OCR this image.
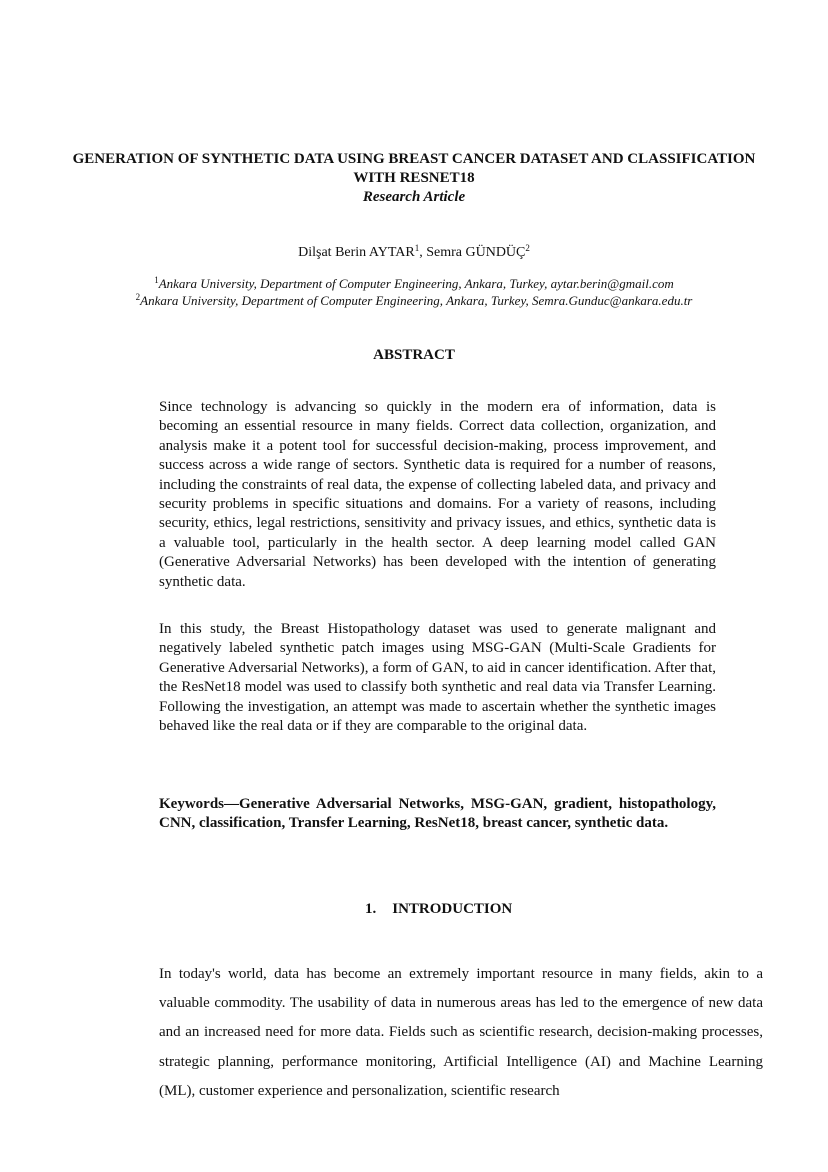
GENERATION OF SYNTHETIC DATA USING BREAST CANCER DATASET AND CLASSIFICATION WITH RESNET18
Research Article
Dilşat Berin AYTAR$^1$, Semra GÜNDÜÇ$^2$
$^1$Ankara University, Department of Computer Engineering, Ankara, Turkey, aytar.berin@gmail.com
$^2$Ankara University, Department of Computer Engineering, Ankara, Turkey, Semra.Gunduc@ankara.edu.tr
ABSTRACT

Since technology is advancing so quickly in the modern era of information, data is becoming an essential resource in many fields. Correct data collection, organization, and analysis make it a potent tool for successful decision-making, process improvement, and success across a wide range of sectors. Synthetic data is required for a number of reasons, including the constraints of real data, the expense of collecting labeled data, and privacy and security problems in specific situations and domains. For a variety of reasons, including security, ethics, legal restrictions, sensitivity and privacy issues, and ethics, synthetic data is a valuable tool, particularly in the health sector. A deep learning model called GAN (Generative Adversarial Networks) has been developed with the intention of generating synthetic data.

In this study, the Breast Histopathology dataset was used to generate malignant and negatively labeled synthetic patch images using MSG-GAN (Multi-Scale Gradients for Generative Adversarial Networks), a form of GAN, to aid in cancer identification. After that, the ResNet18 model was used to classify both synthetic and real data via Transfer Learning. Following the investigation, an attempt was made to ascertain whether the synthetic images behaved like the real data or if they are comparable to the original data.

Keywords—Generative Adversarial Networks, MSG-GAN, gradient, histopathology, CNN, classification, Transfer Learning, ResNet18, breast cancer, synthetic data.

1. INTRODUCTION

In today's world, data has become an extremely important resource in many fields, akin to a valuable commodity. The usability of data in numerous areas has led to the emergence of new data and an increased need for more data. Fields such as scientific research, decision-making processes, strategic planning, performance monitoring, Artificial Intelligence (AI) and Machine Learning (ML), customer experience and personalization, scientific research
